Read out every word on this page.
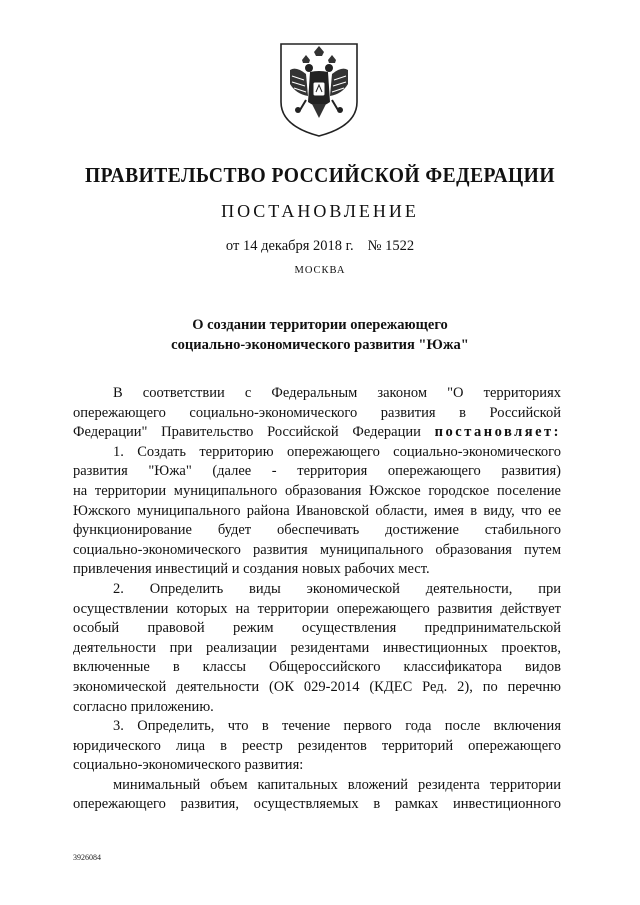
ПРАВИТЕЛЬСТВО РОССИЙСКОЙ ФЕДЕРАЦИИ
ПОСТАНОВЛЕНИЕ
от 14 декабря 2018 г. № 1522
МОСКВА
О создании территории опережающего
социально-экономического развития "Южа"
В соответствии с Федеральным законом "О территориях
опережающего социально-экономического развития в Российской
Федерации" Правительство Российской Федерации постановляет:
1. Создать территорию опережающего социально-экономического
развития "Южа" (далее - территория опережающего развития)
на территории муниципального образования Южское городское поселение
Южского муниципального района Ивановской области, имея в виду, что ее
функционирование будет обеспечивать достижение стабильного
социально-экономического развития муниципального образования путем
привлечения инвестиций и создания новых рабочих мест.
2. Определить виды экономической деятельности, при
осуществлении которых на территории опережающего развития действует
особый правовой режим осуществления предпринимательской
деятельности при реализации резидентами инвестиционных проектов,
включенные в классы Общероссийского классификатора видов
экономической деятельности (ОК 029-2014 (КДЕС Ред. 2), по перечню
согласно приложению.
3. Определить, что в течение первого года после включения
юридического лица в реестр резидентов территорий опережающего
социально-экономического развития:
минимальный объем капитальных вложений резидента территории
опережающего развития, осуществляемых в рамках инвестиционного
3926084
